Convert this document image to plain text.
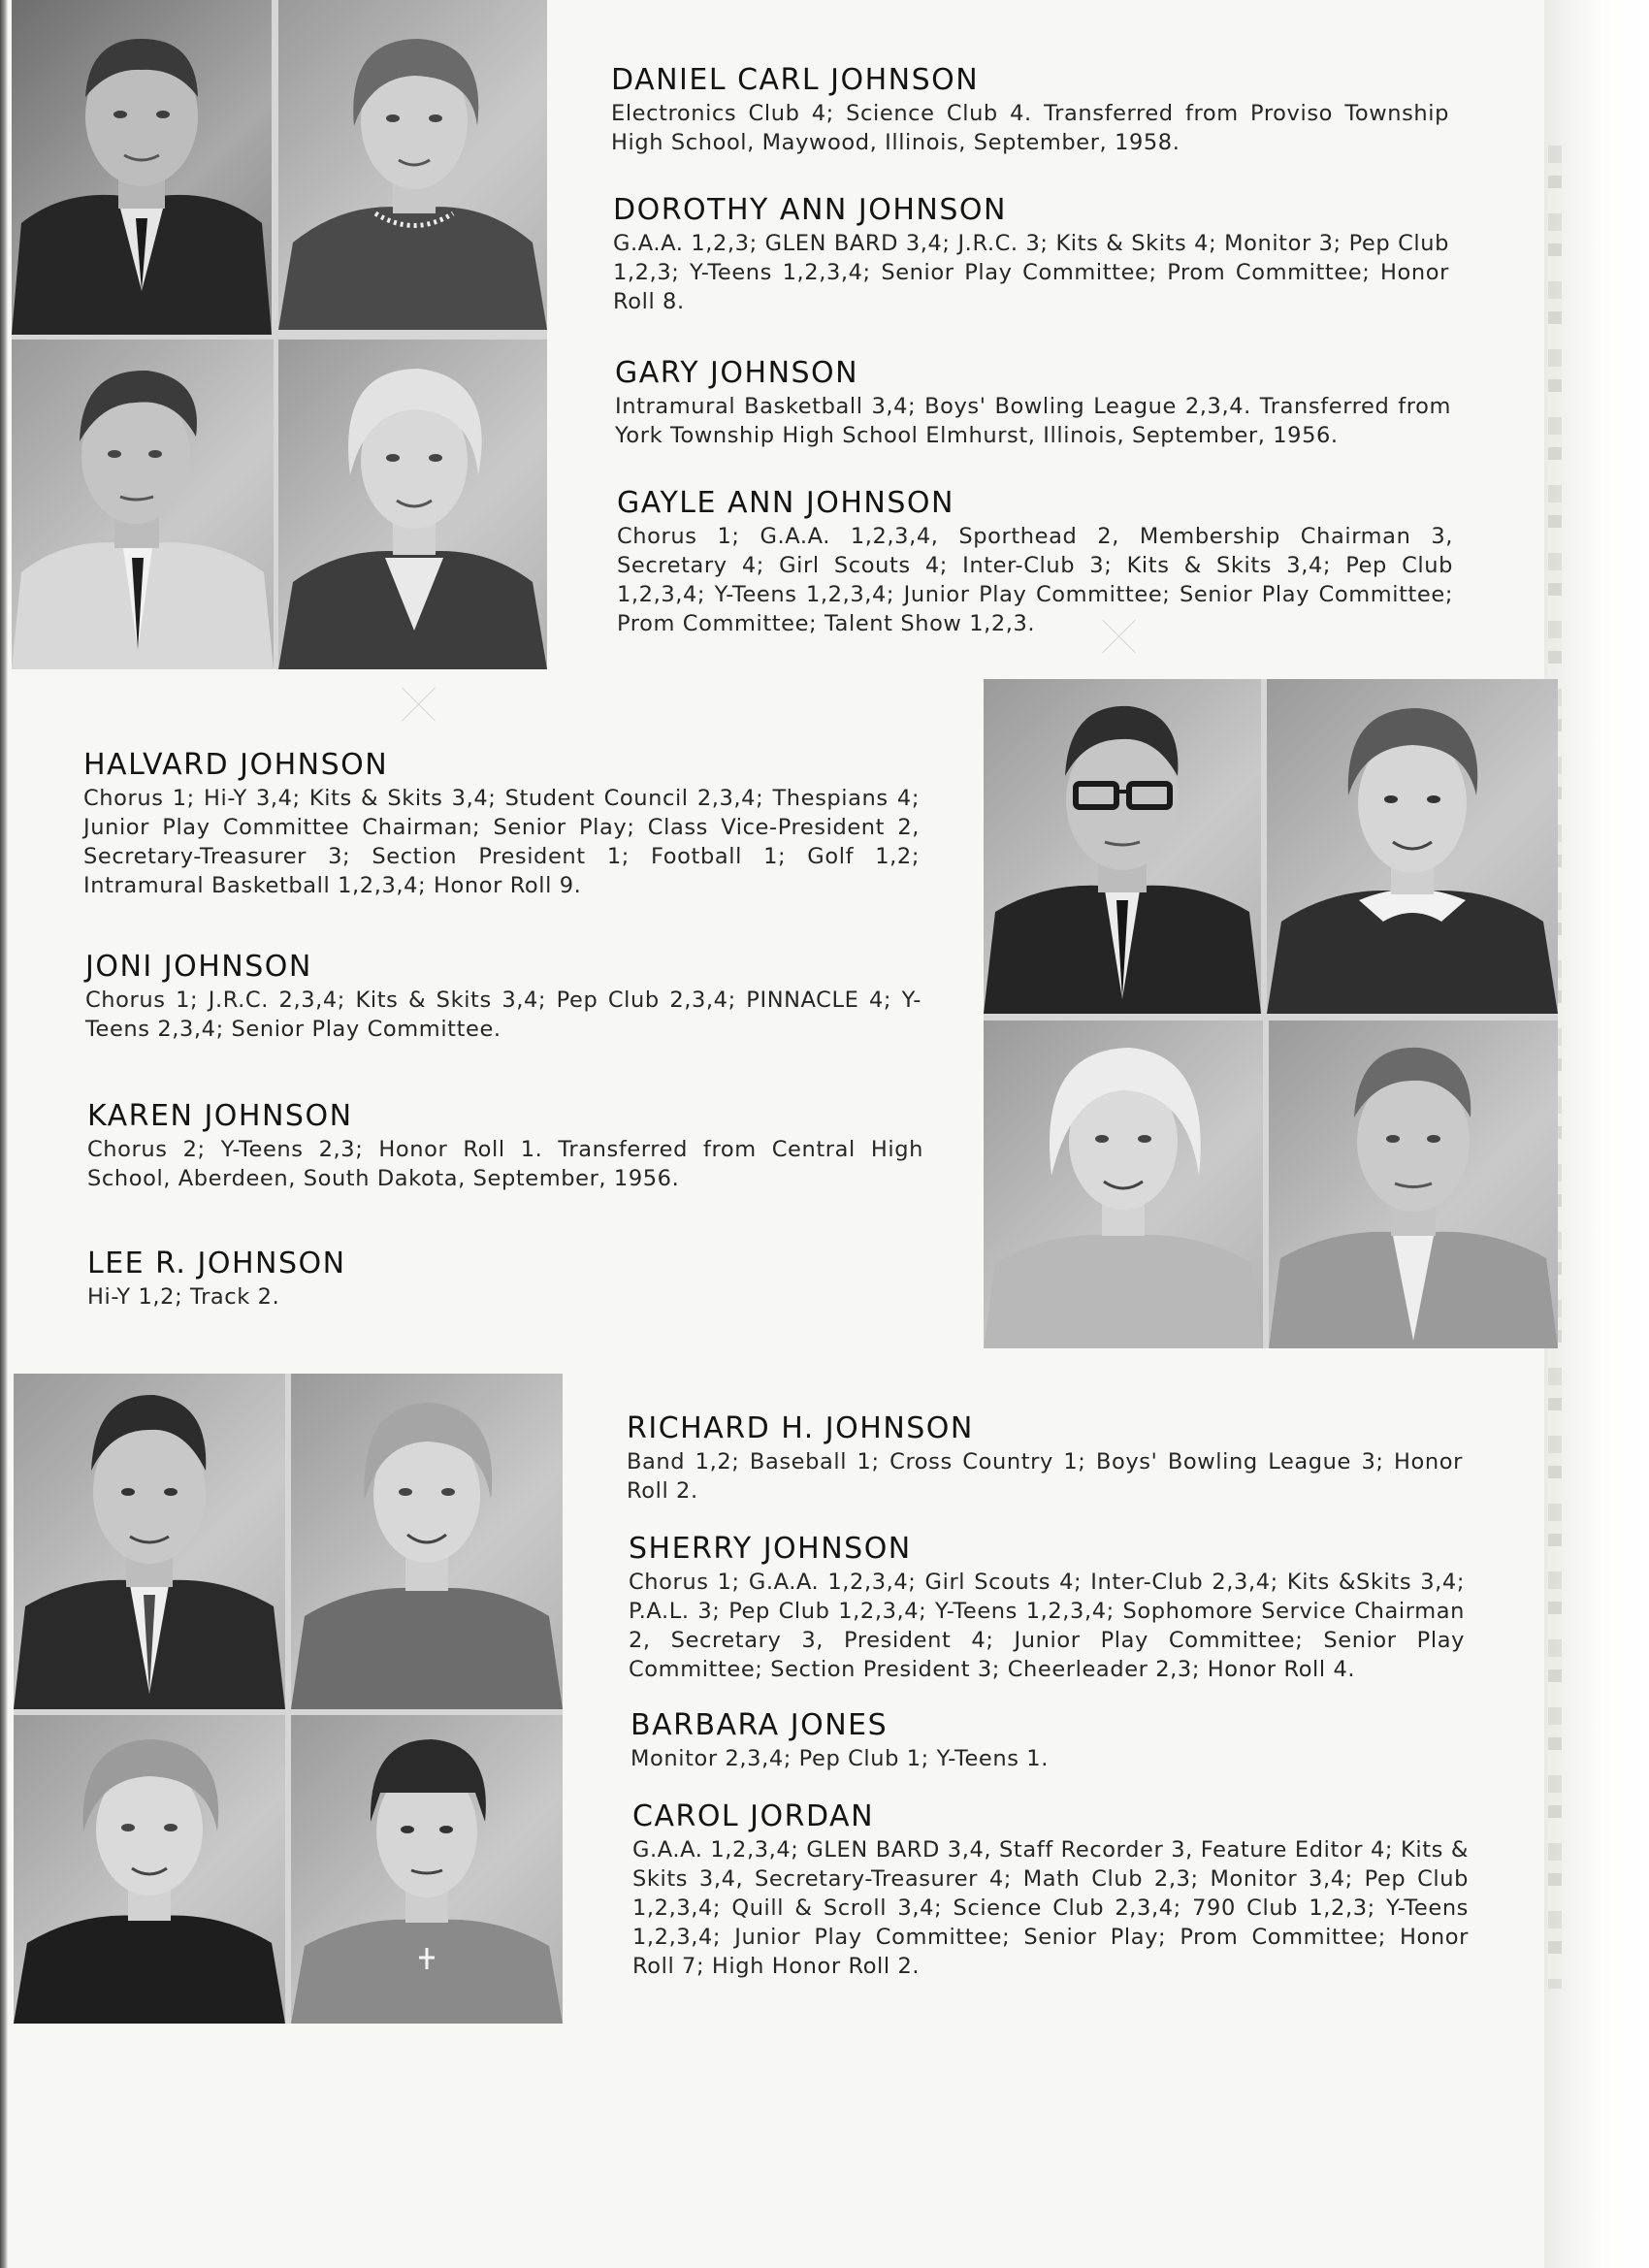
DANIEL CARL JOHNSON

Electronics Club 4; Science Club 4. Transferred from Proviso Township High School, Maywood, Illinois, September, 1958.

DOROTHY ANN JOHNSON

G.A.A. 1,2,3; GLEN BARD 3,4; J.R.C. 3; Kits & Skits 4; Monitor 3; Pep Club 1,2,3; Y-Teens 1,2,3,4; Senior Play Committee; Prom Committee; Honor Roll 8.

GARY JOHNSON

Intramural Basketball 3,4; Boys' Bowling League 2,3,4. Transferred from York Township High School Elmhurst, Illinois, September, 1956.

GAYLE ANN JOHNSON

Chorus 1; G.A.A. 1,2,3,4, Sporthead 2, Membership Chairman 3, Secretary 4; Girl Scouts 4; Inter-Club 3; Kits & Skits 3,4; Pep Club 1,2,3,4; Y-Teens 1,2,3,4; Junior Play Committee; Senior Play Committee; Prom Committee; Talent Show 1,2,3.

HALVARD JOHNSON

Chorus 1; Hi-Y 3,4; Kits & Skits 3,4; Student Council 2,3,4; Thespians 4; Junior Play Committee Chairman; Senior Play; Class Vice-President 2, Secretary-Treasurer 3; Section President 1; Football 1; Golf 1,2; Intramural Basketball 1,2,3,4; Honor Roll 9.

JONI JOHNSON

Chorus 1; J.R.C. 2,3,4; Kits & Skits 3,4; Pep Club 2,3,4; PINNACLE 4; Y-Teens 2,3,4; Senior Play Committee.

KAREN JOHNSON

Chorus 2; Y-Teens 2,3; Honor Roll 1. Transferred from Central High School, Aberdeen, South Dakota, September, 1956.

LEE R. JOHNSON

Hi-Y 1,2; Track 2.

RICHARD H. JOHNSON

Band 1,2; Baseball 1; Cross Country 1; Boys' Bowling League 3; Honor Roll 2.

SHERRY JOHNSON

Chorus 1; G.A.A. 1,2,3,4; Girl Scouts 4; Inter-Club 2,3,4; Kits &Skits 3,4; P.A.L. 3; Pep Club 1,2,3,4; Y-Teens 1,2,3,4; Sophomore Service Chairman 2, Secretary 3, President 4; Junior Play Committee; Senior Play Committee; Section President 3; Cheerleader 2,3; Honor Roll 4.

BARBARA JONES

Monitor 2,3,4; Pep Club 1; Y-Teens 1.

CAROL JORDAN

G.A.A. 1,2,3,4; GLEN BARD 3,4, Staff Recorder 3, Feature Editor 4; Kits & Skits 3,4, Secretary-Treasurer 4; Math Club 2,3; Monitor 3,4; Pep Club 1,2,3,4; Quill & Scroll 3,4; Science Club 2,3,4; 790 Club 1,2,3; Y-Teens 1,2,3,4; Junior Play Committee; Senior Play; Prom Committee; Honor Roll 7; High Honor Roll 2.
